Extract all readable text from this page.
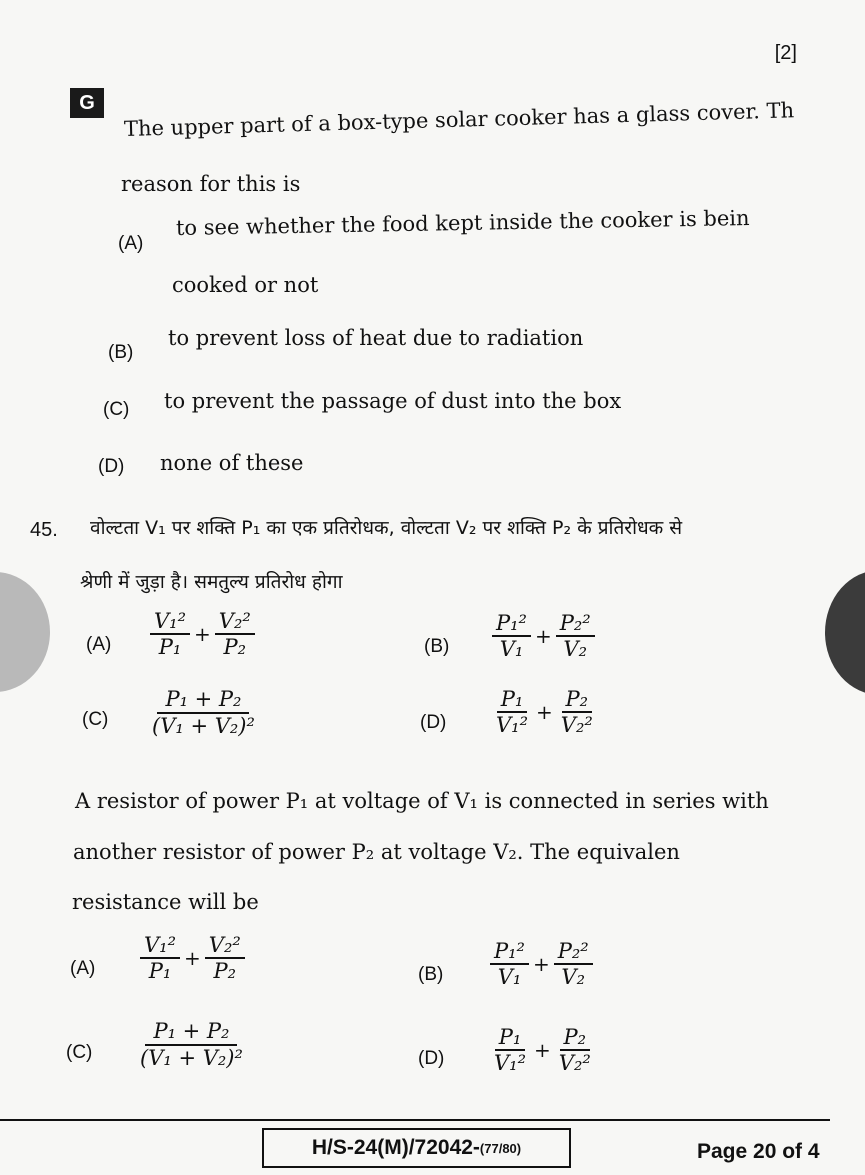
[2]
G	The upper part of a box-type solar cooker has a glass cover. Th
reason for this is
(A)
to see whether the food kept inside the cooker is bein
cooked or not
(B)
to prevent loss of heat due to radiation
(C) to prevent the passage of dust into the box
(D) none of these
45. वोल्टता V₁ पर शक्ति P₁ का एक प्रतिरोधक, वोल्टता V₂ पर शक्ति P₂ के प्रतिरोधक से
श्रेणी में जुड़ा है। समतुल्य प्रतिरोध होगा
$(A) \frac{\text{V₁²}}{\text{P₁}} + \frac{\text{V₂²}}{\text{P₂}}$	$(B) \frac{\text{P₁²}}{\text{V₁}} + \frac{\text{P₂²}}{\text{V₂}}$
$(C) \frac{\text{P₁ + P₂}}{\text{(V₁ + V₂)²}}$	$(D) \frac{\text{P₁}}{\text{V₁²}} + \frac{\text{P₂}}{\text{V₂²}}$
A resistor of power P₁ at voltage of V₁ is connected in series with
another resistor of power P₂ at voltage V₂. The equivalen
resistance will be
$(A) \frac{\text{V₁²}}{\text{P₁}} + \frac{\text{V₂²}}{\text{P₂}}$	$(B) \frac{\text{P₁²}}{\text{V₁}} + \frac{\text{P₂²}}{\text{V₂}}$
$(C) \frac{\text{P₁ + P₂}}{\text{(V₁ + V₂)²}}$	$(D) \frac{\text{P₁}}{\text{V₁²}} + \frac{\text{P₂}}{\text{V₂²}}$
H/S-24(M)/72042- (77/80)	Page 20 of 4
